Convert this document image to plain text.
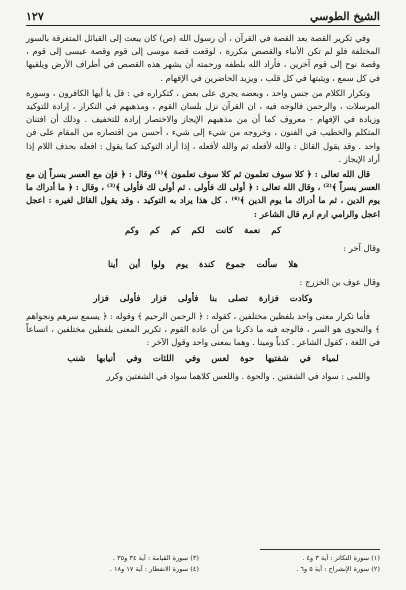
الشيخ الطوسي
١٢٧

وفي تكرير القصة بعد القصة في القرآن ، أن رسول الله (ص) كان يبعث إلى القبائل المتفرقة بالسور المختلفة فلو لم تكن الأنباء والقصص مكررة ، لوقعت قصة موسى إلى قوم وقصة عيسى إلى قوم ، وقصة نوح إلى قوم آخرين ، فأراد الله بلطفه ورحمته أن يشهر هذه القصص في أطراف الأرض ويلقيها في كل سمع ، ويثبتها في كل قلب ، ويزيد الحاضرين في الإفهام .

وتكرار الكلام من جنس واحد ، وبعضه يجري على بعض ، كتكراره في : قل يا أيها الكافرون ، وسورة المرسلات ، والرحمن فالوجه فيه ، ان القرآن نزل بلسان القوم ، ومذهبهم في التكرار ، إرادة للتوكيد وزيادة في الإفهام - معروف كما أن من مذهبهم الإيجاز والاختصار إرادة للتخفيف . وذلك أن افتنان المتكلم والخطيب في الفنون ، وخروجه من شيء إلى شيء ، أحسن من اقتصاره من المقام على فن واحد . وقد يقول القائل : والله لأفعله ثم والله لأفعله ، إذا أراد التوكيد كما يقول : افعله بحذف اللام إذا أراد الإيجاز .

قال الله تعالى : ﴿ كلا سوف تعلمون ثم كلا سوف تعلمون ﴾⁽¹⁾ وقال : ﴿ فإن مع العسر يسراً إن مع العسر يسراً ﴾⁽²⁾ ، وقال الله تعالى : ﴿ أولى لك فأولى . ثم أولى لك فأولى ﴾⁽³⁾ ، وقال : ﴿ ما أدراك ما يوم الدين ، ثم ما أدراك ما يوم الدين ﴾⁽⁴⁾ . كل هذا يراد به التوكيد . وقد يقول القائل لغيره : اعجل اعجل والرامي ارم ارم قال الشاعر :

كم نعمة كانت لكم كم كم وكم

وقال آخر :

هلا سألت جموع كندة يوم ولوا أين أينا

وقال عوف بن الخزرج :

وكادت فزارة تصلى بنا فأولى فزار فأولى فزار

فأما تكرار معنى واحد بلفظين مختلفين ، كقوله : ﴿ الرحمن الرحيم ﴾ وقوله : ﴿ يسمع سرهم ونجواهم ﴾ والنجوى هو السر ، فالوجه فيه ما ذكرنا من أن عادة القوم ، تكرير المعنى بلفظين مختلفين ، اتساعاً في اللغة ، كقول الشاعر . كذباً ومينا . وهما بمعنى واحد وقول الآخر :

لمياء في شفتيها حوة لعس وفي اللثات وفي أنيابها شنب

واللمى : سواد في الشفتين . والحوة . واللعس كلاهما سواد في الشفتين وكرر

(١) سورة التكاثر : آية ٣ و٤ .
(٣) سورة القيامة : آية ٣٤ و٣٥ .
(٢) سورة الإنشراح : آية ٥ و٦ .
(٤) سورة الانفطار : آية ١٧ و١٨ .
